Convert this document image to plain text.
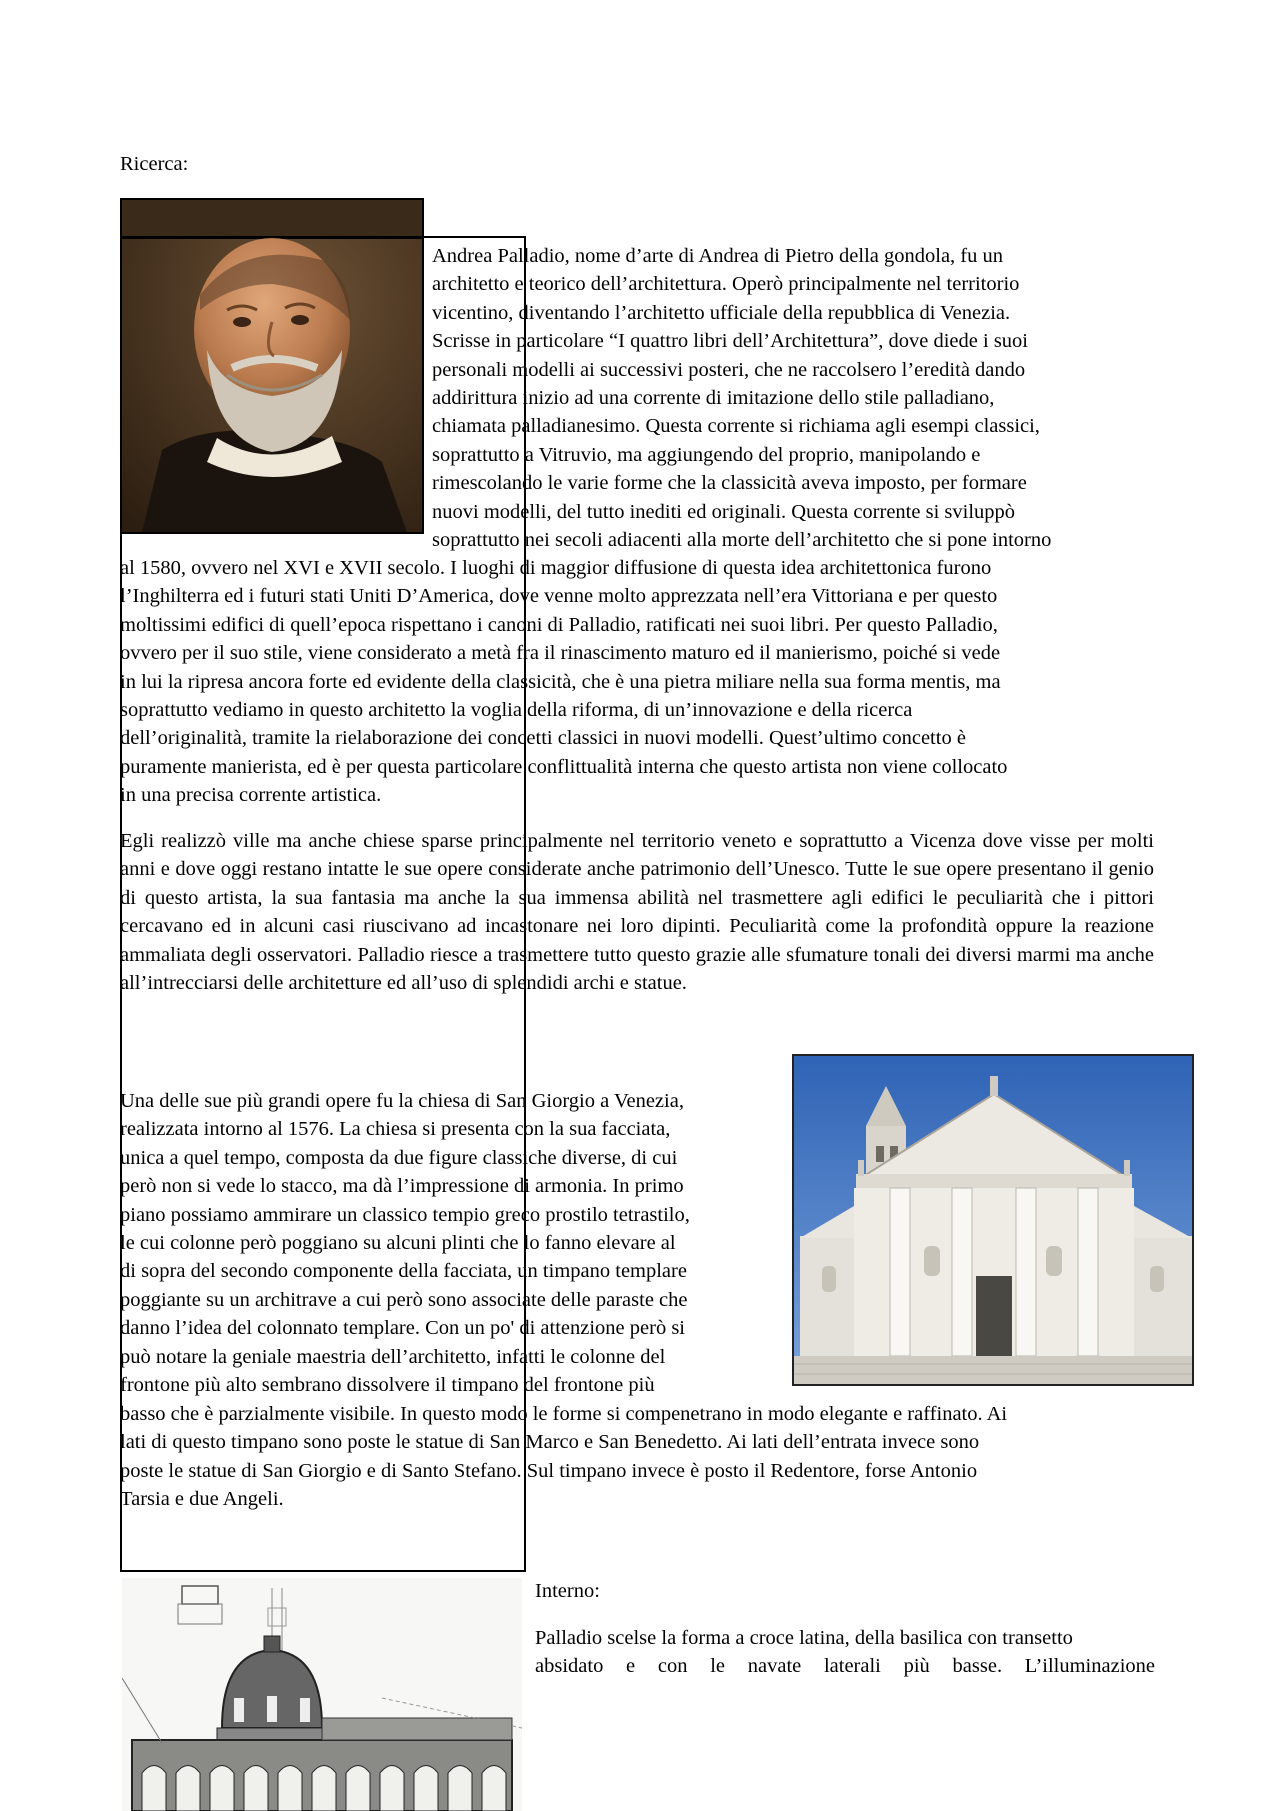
Ricerca:
Andrea Palladio, nome d’arte di Andrea di Pietro della gondola, fu un
architetto e teorico dell’architettura. Operò principalmente nel territorio
vicentino, diventando l’architetto ufficiale della repubblica di Venezia.
Scrisse in particolare “I quattro libri dell’Architettura”, dove diede i suoi
personali modelli ai successivi posteri, che ne raccolsero l’eredità dando
addirittura inizio ad una corrente di imitazione dello stile palladiano,
chiamata palladianesimo. Questa corrente si richiama agli esempi classici,
soprattutto a Vitruvio, ma aggiungendo del proprio, manipolando e
rimescolando le varie forme che la classicità aveva imposto, per formare
nuovi modelli, del tutto inediti ed originali. Questa corrente si sviluppò
soprattutto nei secoli adiacenti alla morte dell’architetto che si pone intorno
al 1580, ovvero nel XVI e XVII secolo. I luoghi di maggior diffusione di questa idea architettonica furono
l’Inghilterra ed i futuri stati Uniti D’America, dove venne molto apprezzata nell’era Vittoriana e per questo
moltissimi edifici di quell’epoca rispettano i canoni di Palladio, ratificati nei suoi libri. Per questo Palladio,
ovvero per il suo stile, viene considerato a metà fra il rinascimento maturo ed il manierismo, poiché si vede
in lui la ripresa ancora forte ed evidente della classicità, che è una pietra miliare nella sua forma mentis, ma
soprattutto vediamo in questo architetto la voglia della riforma, di un’innovazione e della ricerca
dell’originalità, tramite la rielaborazione dei concetti classici in nuovi modelli. Quest’ultimo concetto è
puramente manierista, ed è per questa particolare conflittualità interna che questo artista non viene collocato
in una precisa corrente artistica.
Egli realizzò ville ma anche chiese sparse principalmente nel territorio veneto e soprattutto a Vicenza dove visse per molti anni e dove oggi restano intatte le sue opere considerate anche patrimonio dell’Unesco. Tutte le sue opere presentano il genio di questo artista, la sua fantasia ma anche la sua immensa abilità nel trasmettere agli edifici le peculiarità che i pittori cercavano ed in alcuni casi riuscivano ad incastonare nei loro dipinti. Peculiarità come la profondità oppure la reazione ammaliata degli osservatori. Palladio riesce a trasmettere tutto questo grazie alle sfumature tonali dei diversi marmi ma anche all’intrecciarsi delle architetture ed all’uso di splendidi archi e statue.
Una delle sue più grandi opere fu la chiesa di San Giorgio a Venezia,
realizzata intorno al 1576. La chiesa si presenta con la sua facciata,
unica a quel tempo, composta da due figure classiche diverse, di cui
però non si vede lo stacco, ma dà l’impressione di armonia. In primo
piano possiamo ammirare un classico tempio greco prostilo tetrastilo,
le cui colonne però poggiano su alcuni plinti che lo fanno elevare al
di sopra del secondo componente della facciata, un timpano templare
poggiante su un architrave a cui però sono associate delle paraste che
danno l’idea del colonnato templare. Con un po' di attenzione però si
può notare la geniale maestria dell’architetto, infatti le colonne del
frontone più alto sembrano dissolvere il timpano del frontone più
basso che è parzialmente visibile. In questo modo le forme si compenetrano in modo elegante e raffinato. Ai
lati di questo timpano sono poste le statue di San Marco e San Benedetto. Ai lati dell’entrata invece sono
poste le statue di San Giorgio e di Santo Stefano. Sul timpano invece è posto il Redentore, forse Antonio
Tarsia e due Angeli.
Interno:
Palladio scelse la forma a croce latina, della basilica con transetto
absidato e con le navate laterali più basse. L’illuminazione
